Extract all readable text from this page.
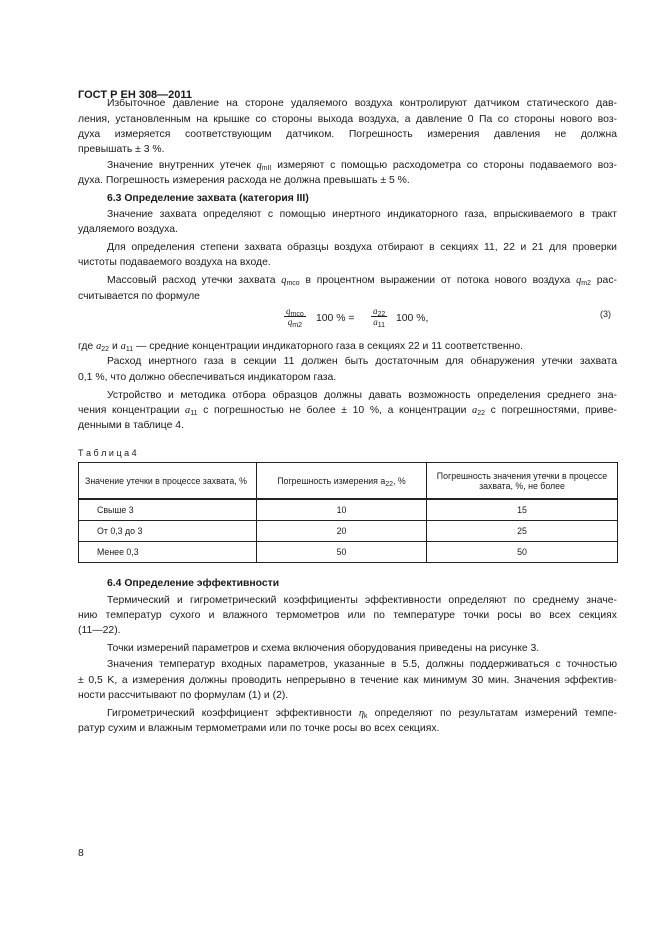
ГОСТ Р ЕН 308—2011
Избыточное давление на стороне удаляемого воздуха контролируют датчиком статического дав-
ления, установленным на крышке со стороны выхода воздуха, а давление 0 Па со стороны нового воз-
духа измеряется соответствующим датчиком. Погрешность измерения давления не должна
превышать ± 3 %.
Значение внутренних утечек $q_{mII}$ измеряют с помощью расходометра со стороны подаваемого воз-
духа. Погрешность измерения расхода не должна превышать ± 5 %.
6.3 Определение захвата (категория III)
Значение захвата определяют с помощью инертного индикаторного газа, впрыскиваемого в тракт
удаляемого воздуха.
Для определения степени захвата образцы воздуха отбирают в секциях 11, 22 и 21 для проверки
чистоты подаваемого воздуха на входе.
Массовый расход утечки захвата $q_{mco}$ в процентном выражении от потока нового воздуха $q_{m2}$ рас-
считывается по формуле
$q_{mco}$
$q_{m2}$
100 % = $\frac{a_{22}}{a_{11}} 100$ %,	(3)
где $a_{22}$ и $a_{11}$ — средние концентрации индикаторного газа в секциях 22 и 11 соответственно.
Расход инертного газа в секции 11 должен быть достаточным для обнаружения утечки захвата
0,1 %, что должно обеспечиваться индикатором газа.
Устройство и методика отбора образцов должны давать возможность определения среднего зна-
чения концентрации $a_{11}$ с погрешностью не более ± 10 %, а концентрации $a_{22}$ с погрешностями, приве-
денными в таблице 4.
Т а б л и ц а 4
Значение утечки в процессе захвата, %	Погрешность измерения $a_{22}$, %	Погрешность значения утечки в процессе захвата, %, не более
Свыше 3	10	15
От 0,3 до 3	20	25
Менее 0,3	50	50
6.4 Определение эффективности
Термический и гигрометрический коэффициенты эффективности определяют по среднему значе-
нию температур сухого и влажного термометров или по температуре точки росы во всех секциях
(11—22).
Точки измерений параметров и схема включения оборудования приведены на рисунке 3.
Значения температур входных параметров, указанные в 5.5, должны поддерживаться с точностью
± 0,5 K, а измерения должны проводить непрерывно в течение как минимум 30 мин. Значения эффектив-
ности рассчитывают по формулам (1) и (2).
Гигрометрический коэффициент эффективности $\eta_k$ определяют по результатам измерений темпе-
ратур сухим и влажным термометрами или по точке росы во всех секциях.
8
